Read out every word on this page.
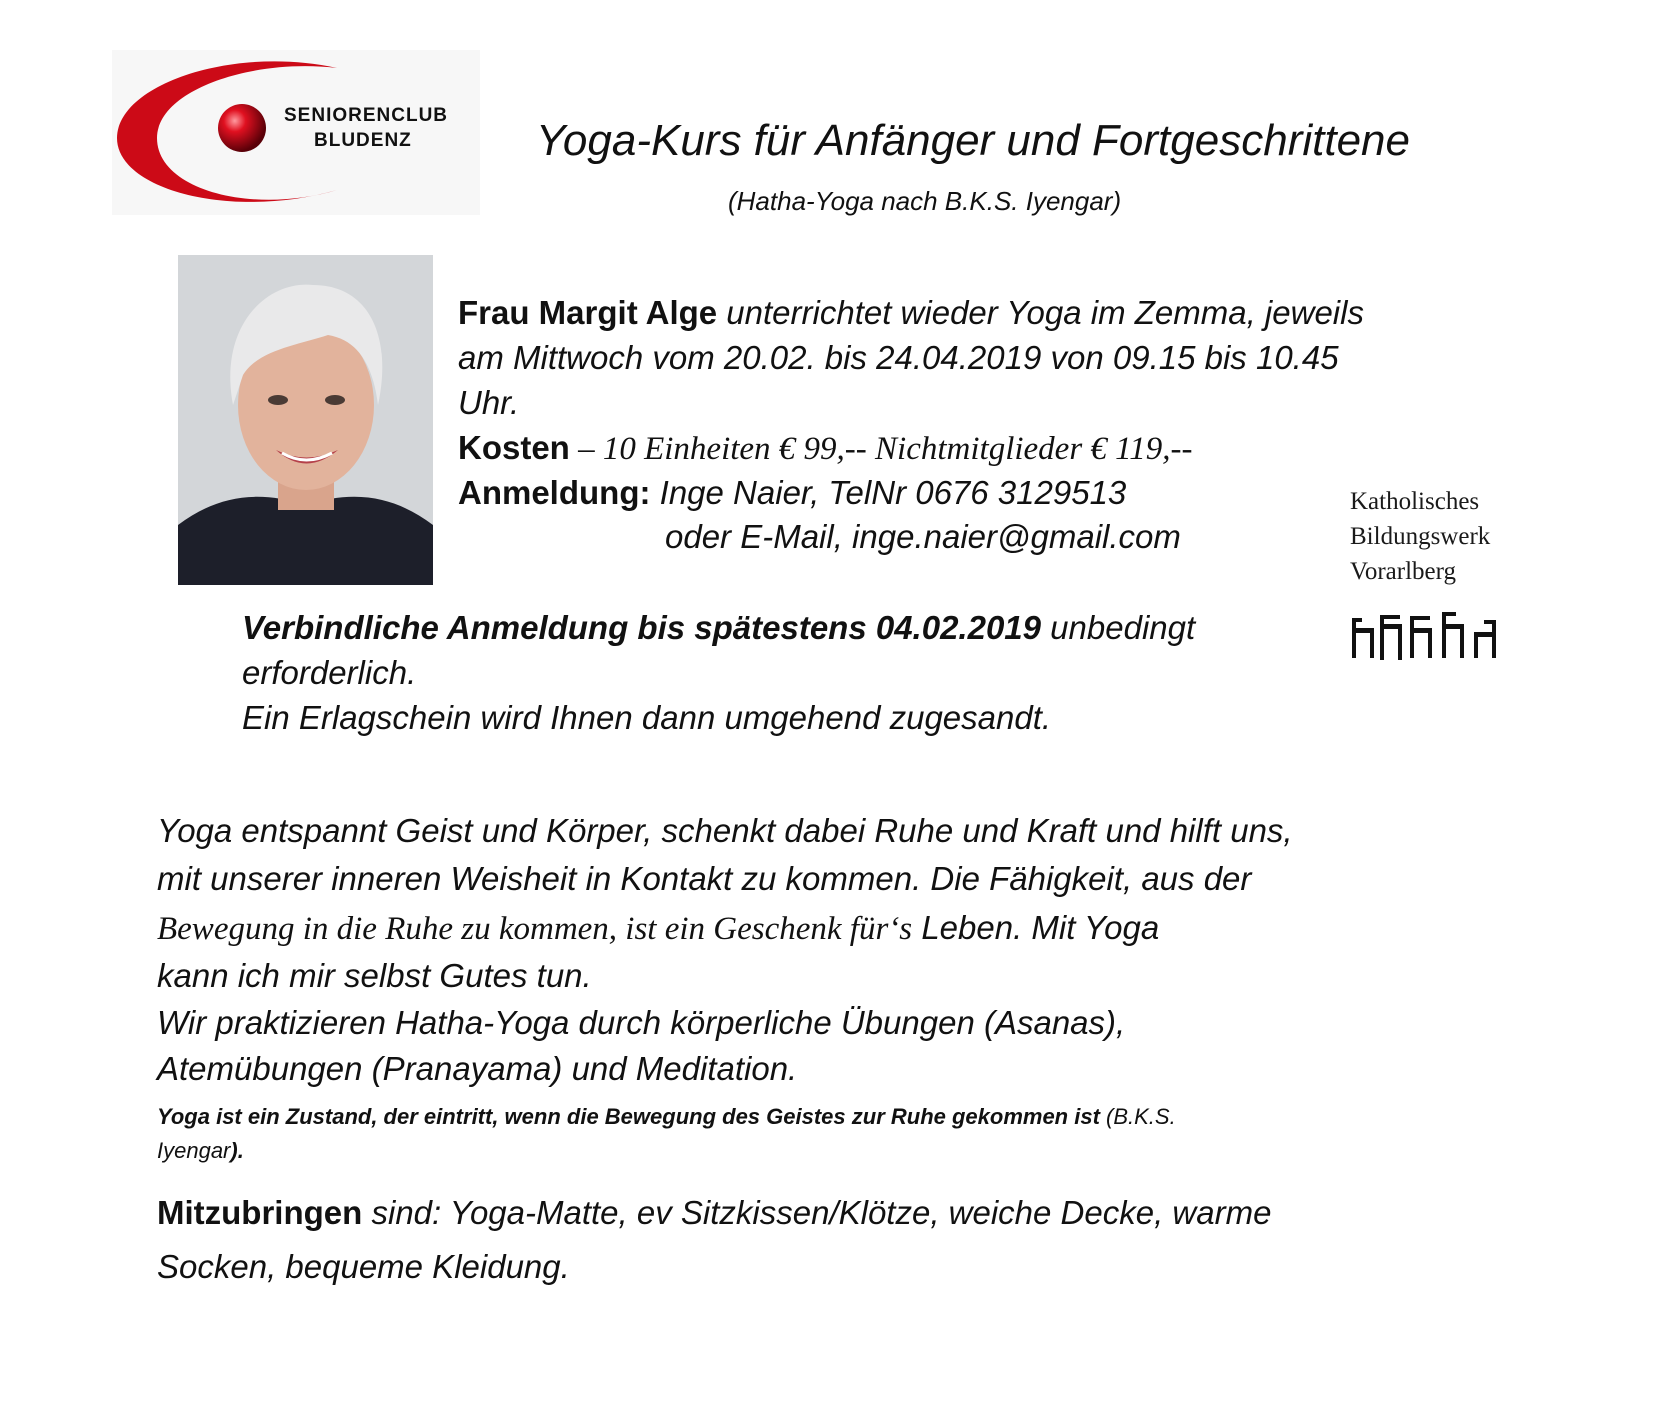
SENIORENCLUB
BLUDENZ	Yoga-Kurs für Anfänger und Fortgeschrittene
(Hatha-Yoga nach B.K.S. Iyengar)
Frau Margit Alge unterrichtet wieder Yoga im Zemma, jeweils
am Mittwoch vom 20.02. bis 24.04.2019 von 09.15 bis 10.45
Uhr.
Kosten – 10 Einheiten € 99,-- Nichtmitglieder € 119,--
Anmeldung: Inge Naier, TelNr 0676 3129513
oder E-Mail, inge.naier@gmail.com
Katholisches
Bildungswerk
Vorarlberg
Verbindliche Anmeldung bis spätestens 04.02.2019 unbedingt
erforderlich.
Ein Erlagschein wird Ihnen dann umgehend zugesandt.
Yoga entspannt Geist und Körper, schenkt dabei Ruhe und Kraft und hilft uns,
mit unserer inneren Weisheit in Kontakt zu kommen. Die Fähigkeit, aus der
Bewegung in die Ruhe zu kommen, ist ein Geschenk für‘s Leben. Mit Yoga
kann ich mir selbst Gutes tun.
Wir praktizieren Hatha-Yoga durch körperliche Übungen (Asanas),
Atemübungen (Pranayama) und Meditation.
Yoga ist ein Zustand, der eintritt, wenn die Bewegung des Geistes zur Ruhe gekommen ist (B.K.S.
Iyengar).
Mitzubringen sind: Yoga-Matte, ev Sitzkissen/Klötze, weiche Decke, warme
Socken, bequeme Kleidung.
